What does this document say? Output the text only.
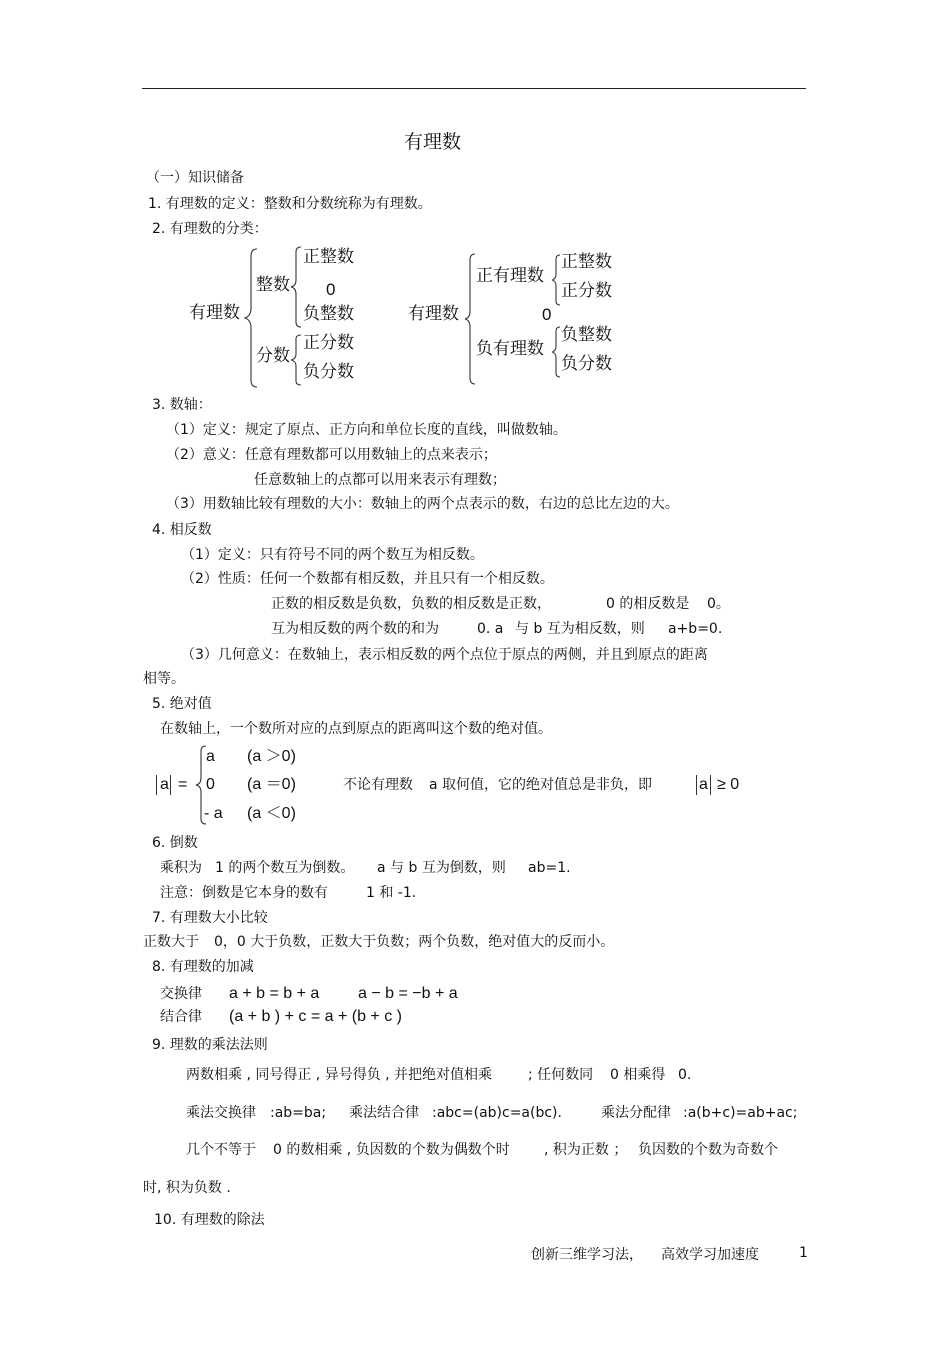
有理数
（一）知识储备
1. 有理数的定义：整数和分数统称为有理数。
2. 有理数的分类：
有理数
整数
正整数
0
负整数
分数
正分数
负分数
有理数
正有理数
正整数
正分数
0
负有理数
负整数
负分数
3. 数轴：
（1）定义：规定了原点、正方向和单位长度的直线，叫做数轴。
（2）意义：任意有理数都可以用数轴上的点来表示；
任意数轴上的点都可以用来表示有理数；
（3）用数轴比较有理数的大小：数轴上的两个点表示的数，右边的总比左边的大。
4. 相反数
（1）定义：只有符号不同的两个数互为相反数。
（2）性质：任何一个数都有相反数，并且只有一个相反数。
正数的相反数是负数，负数的相反数是正数，	0 的相反数是 0。
互为相反数的两个数的和为	0. a 与 b 互为相反数，则 a+b=0.
（3）几何意义：在数轴上，表示相反数的两个点位于原点的两侧，并且到原点的距离
相等。
5. 绝对值
在数轴上，一个数所对应的点到原点的距离叫这个数的绝对值。
a =
a (a ＞0)
0 (a ＝0)
- a (a ＜0)
不论有理数 a 取何值，它的绝对值总是非负，即	a ≥ 0
6. 倒数
乘积为 1 的两个数互为倒数。 a 与 b 互为倒数，则 ab=1.
注意：倒数是它本身的数有	1 和 -1.
7. 有理数大小比较
正数大于 0，0 大于负数，正数大于负数；两个负数，绝对值大的反而小。
8. 有理数的加减
交换律 a + b = b + a a − b = −b + a
结合律 (a + b ) + c = a + (b + c )
9. 理数的乘法法则
两数相乘 , 同号得正 , 异号得负 , 并把绝对值相乘	; 任何数同 0 相乘得 0.
乘法交换律 :ab=ba; 乘法结合律 :abc=(ab)c=a(bc).	乘法分配律 :a(b+c)=ab+ac;
几个不等于 0 的数相乘 , 负因数的个数为偶数个时 , 积为正数 ； 负因数的个数为奇数个
时, 积为负数 .
10. 有理数的除法
创新三维学习法， 高效学习加速度	1
